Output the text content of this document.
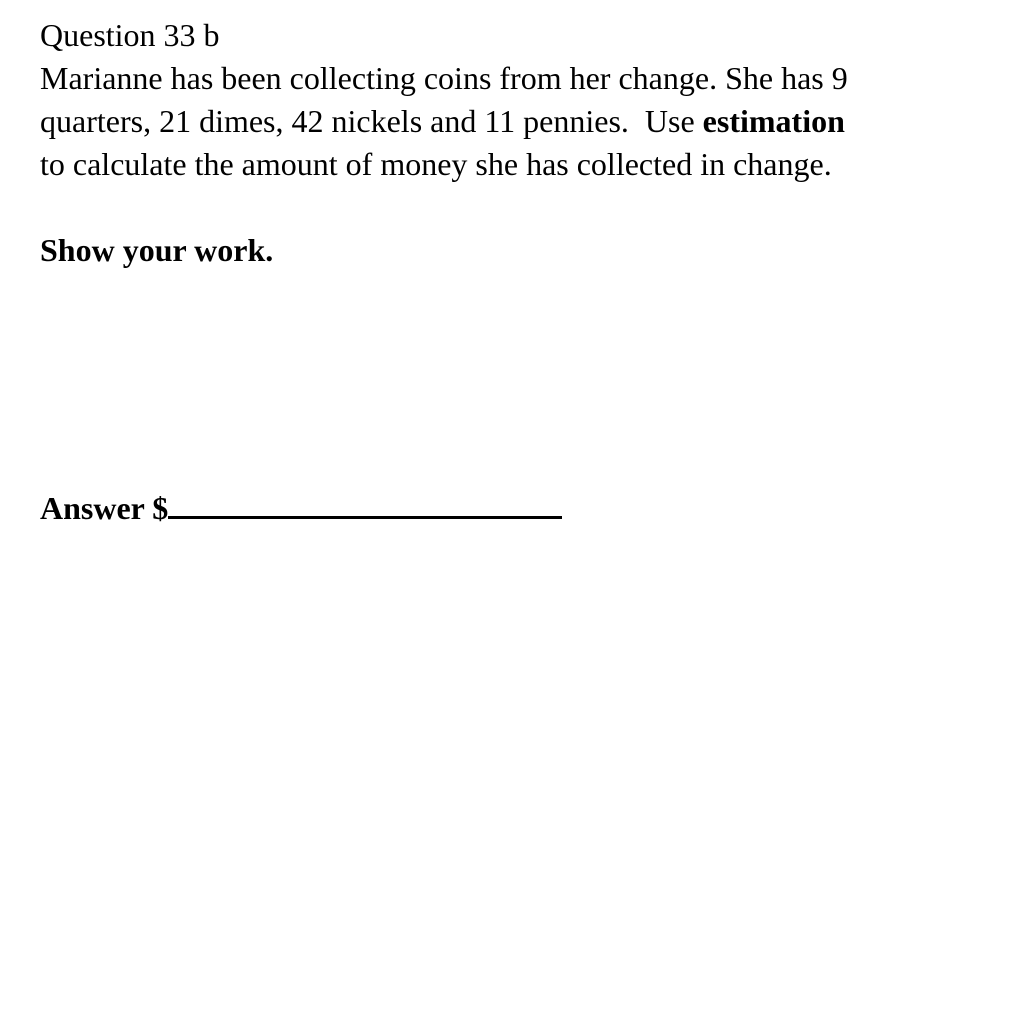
Question 33 b
Marianne has been collecting coins from her change. She has 9
quarters, 21 dimes, 42 nickels and 11 pennies.  Use estimation
to calculate the amount of money she has collected in change.
Show your work.
Answer $
